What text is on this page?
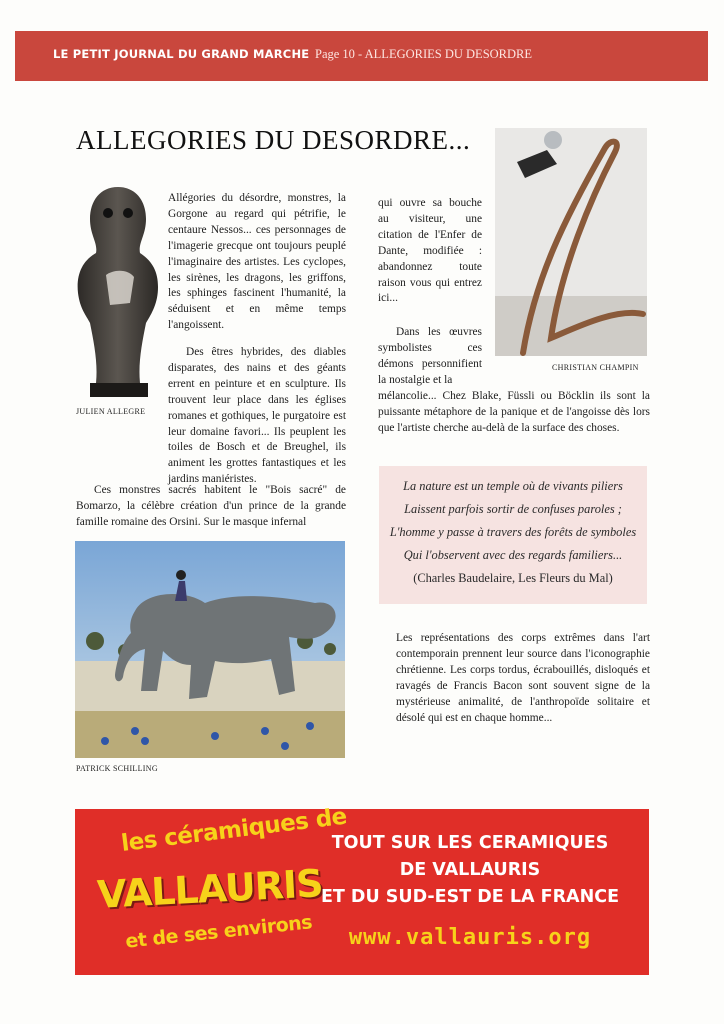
LE PETIT JOURNAL DU GRAND MARCHE Page 10 - ALLEGORIES DU DESORDRE
ALLEGORIES DU DESORDRE...
JULIEN ALLEGRE

Allégories du désordre, monstres, la Gorgone au regard qui pétrifie, le centaure Nessos... ces personnages de l'imagerie grecque ont toujours peuplé l'imaginaire des artistes. Les cyclopes, les sirènes, les dragons, les griffons, les sphinges fascinent l'humanité, la séduisent et en même temps l'angoissent.

Des êtres hybrides, des diables disparates, des nains et des géants errent en peinture et en sculpture. Ils trouvent leur place dans les églises romanes et gothiques, le purgatoire est leur domaine favori... Ils peuplent les toiles de Bosch et de Breughel, ils animent les grottes fantastiques et les jardins maniéristes.

qui ouvre sa bouche au visiteur, une citation de l'Enfer de Dante, modifiée : abandonnez toute raison vous qui entrez ici...

Dans les œuvres symbolistes ces démons personnifient la nostalgie et la

mélancolie... Chez Blake, Füssli ou Böcklin ils sont la puissante métaphore de la panique et de l'angoisse dès lors que l'artiste cherche au-delà de la surface des choses.

CHRISTIAN CHAMPIN

Ces monstres sacrés habitent le "Bois sacré" de Bomarzo, la célèbre création d'un prince de la grande famille romaine des Orsini. Sur le masque infernal

PATRICK SCHILLING
La nature est un temple où de vivants piliers
Laissent parfois sortir de confuses paroles ;
L'homme y passe à travers des forêts de symboles
Qui l'observent avec des regards familiers...
(Charles Baudelaire, Les Fleurs du Mal)

Les représentations des corps extrêmes dans l'art contemporain prennent leur source dans l'iconographie chrétienne. Les corps tordus, écrabouillés, disloqués et ravagés de Francis Bacon sont souvent signe de la mystérieuse animalité, de l'anthropoïde solitaire et désolé qui est en chaque homme...

les céramiques de
VALLAURIS
et de ses environs
TOUT SUR LES CERAMIQUES
DE VALLAURIS
ET DU SUD-EST DE LA FRANCE
www.vallauris.org
